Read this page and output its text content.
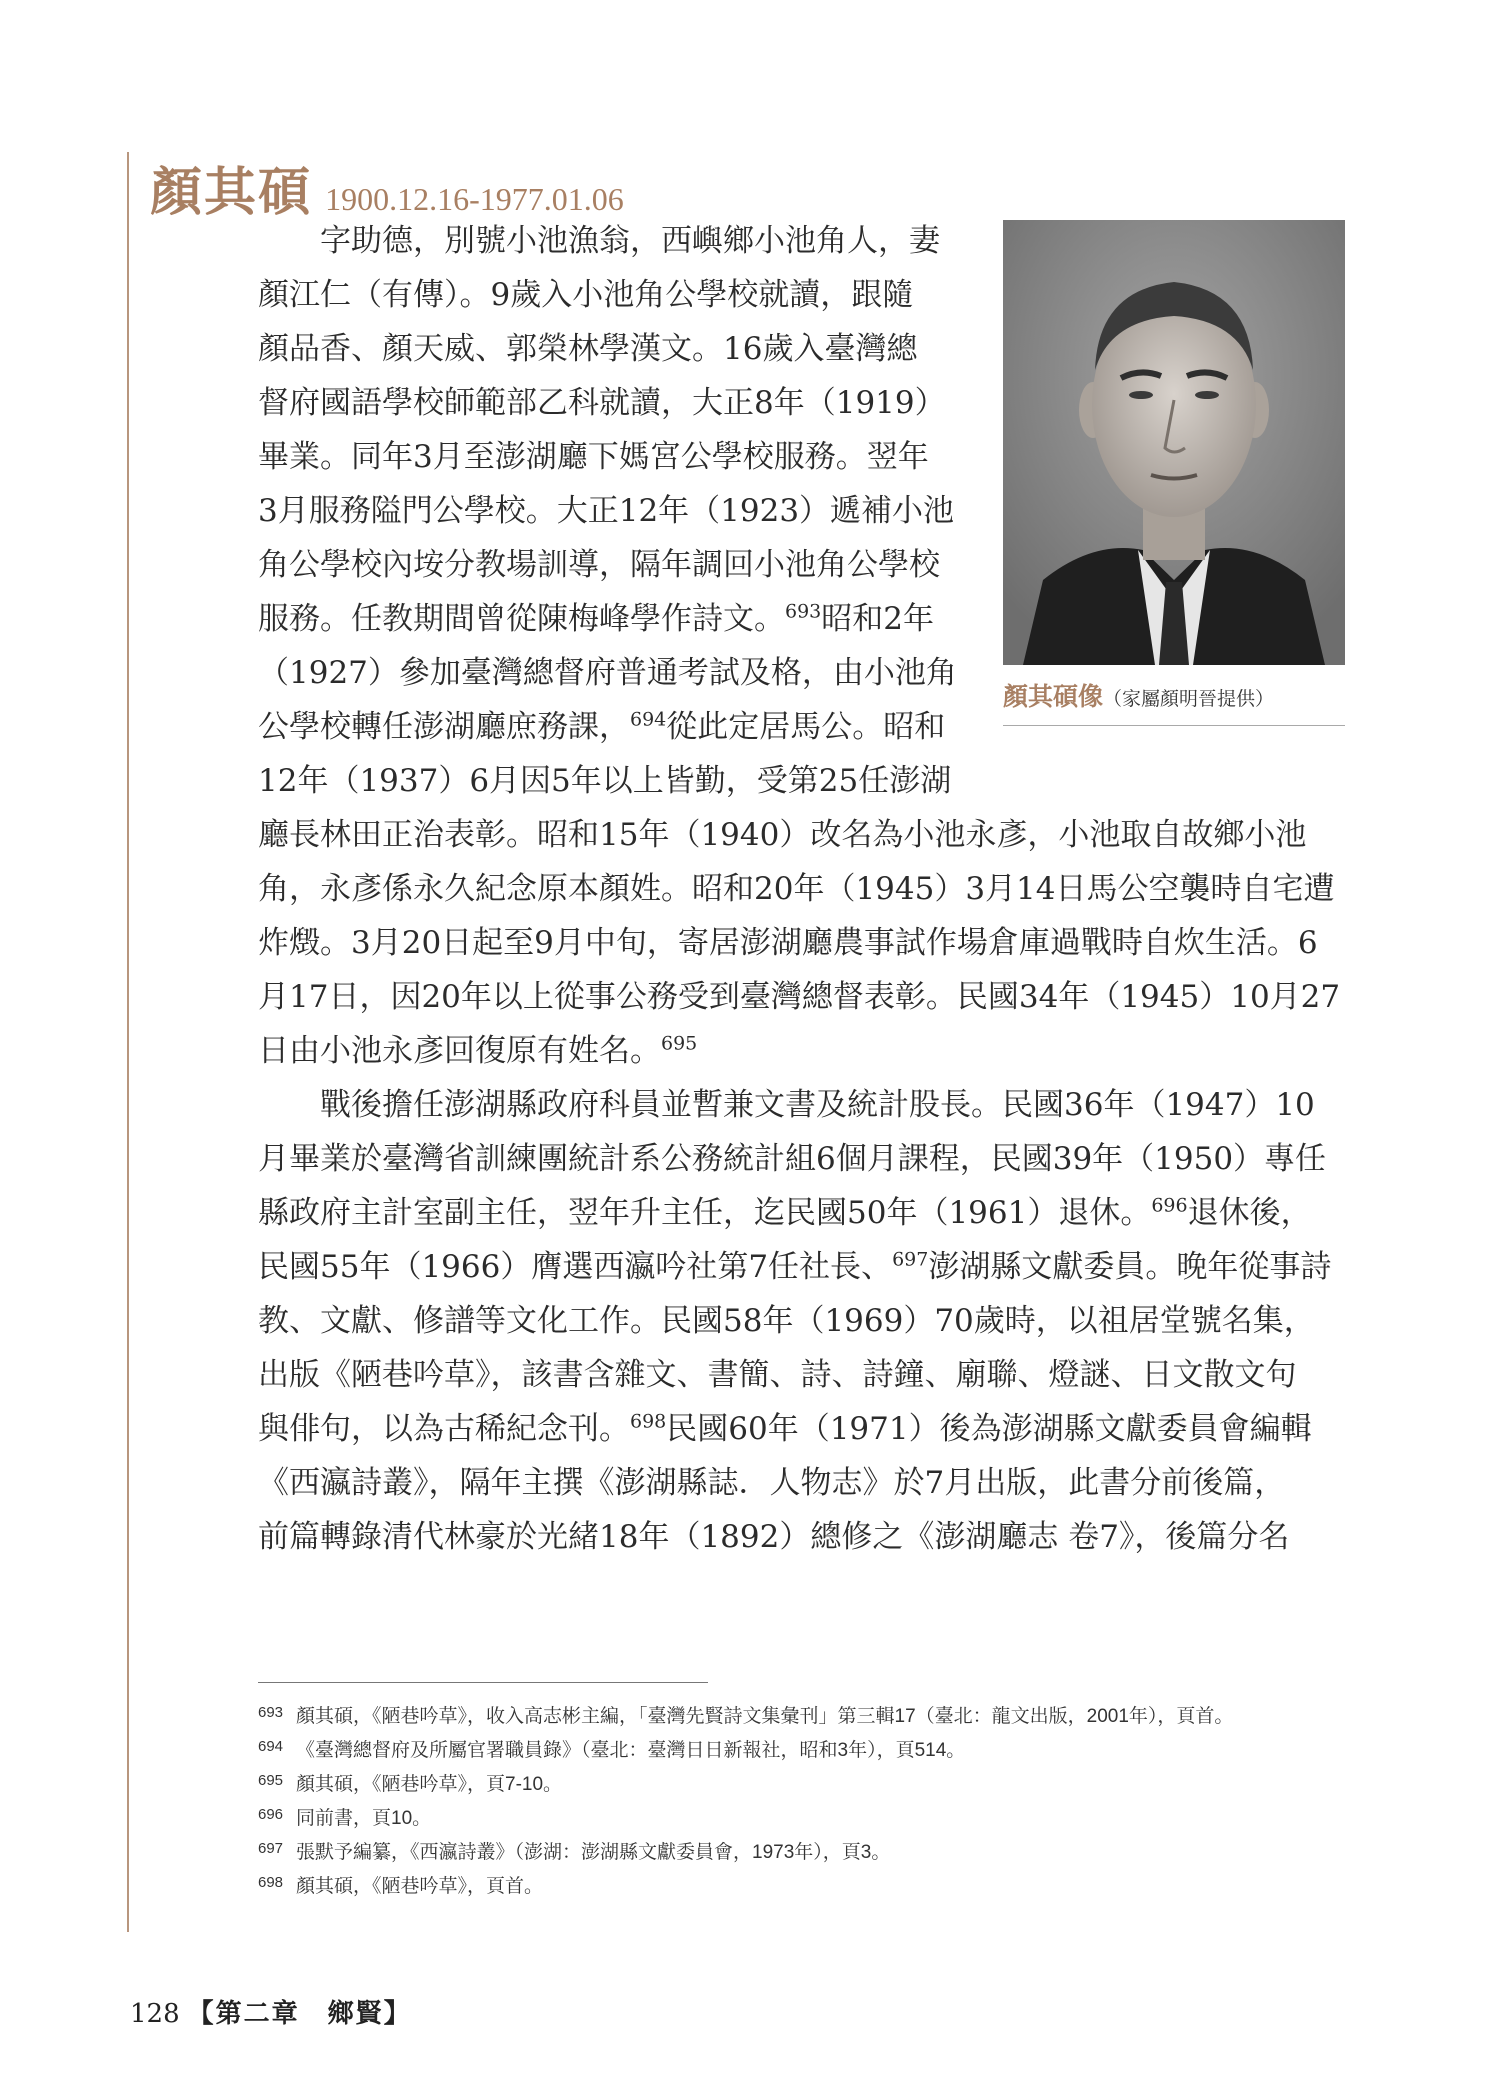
顏其碩 1900.12.16-1977.01.06
字助德，別號小池漁翁，西嶼鄉小池角人，妻
顏江仁（有傳）。9歲入小池角公學校就讀，跟隨
顏品香、顏天威、郭榮林學漢文。16歲入臺灣總
督府國語學校師範部乙科就讀，大正8年（1919）
畢業。同年3月至澎湖廳下媽宮公學校服務。翌年
3月服務隘門公學校。大正12年（1923）遞補小池
角公學校內垵分教場訓導，隔年調回小池角公學校
服務。任教期間曾從陳梅峰學作詩文。$^{693}$昭和2年
（1927）參加臺灣總督府普通考試及格，由小池角
公學校轉任澎湖廳庶務課，$^{694}$從此定居馬公。昭和
12年（1937）6月因5年以上皆勤，受第25任澎湖
廳長林田正治表彰。昭和15年（1940）改名為小池永彥，小池取自故鄉小池
角，永彥係永久紀念原本顏姓。昭和20年（1945）3月14日馬公空襲時自宅遭
炸燬。3月20日起至9月中旬，寄居澎湖廳農事試作場倉庫過戰時自炊生活。6
月17日，因20年以上從事公務受到臺灣總督表彰。民國34年（1945）10月27
日由小池永彥回復原有姓名。$^{695}$
戰後擔任澎湖縣政府科員並暫兼文書及統計股長。民國36年（1947）10
月畢業於臺灣省訓練團統計系公務統計組6個月課程，民國39年（1950）專任
縣政府主計室副主任，翌年升主任，迄民國50年（1961）退休。$^{696}$退休後，
民國55年（1966）膺選西瀛吟社第7任社長、$^{697}$澎湖縣文獻委員。晚年從事詩
教、文獻、修譜等文化工作。民國58年（1969）70歲時，以祖居堂號名集，
出版《陋巷吟草》，該書含雜文、書簡、詩、詩鐘、廟聯、燈謎、日文散文句
與俳句，以為古稀紀念刊。$^{698}$民國60年（1971）後為澎湖縣文獻委員會編輯
《西瀛詩叢》，隔年主撰《澎湖縣誌．人物志》於7月出版，此書分前後篇，
前篇轉錄清代林豪於光緒18年（1892）總修之《澎湖廳志 卷7》，後篇分名
顏其碩像（家屬顏明晉提供）
693 顏其碩，《陋巷吟草》，收入高志彬主編，「臺灣先賢詩文集彙刊」第三輯17（臺北：龍文出版，2001年），頁首。
694 《臺灣總督府及所屬官署職員錄》（臺北：臺灣日日新報社，昭和3年），頁514。
695 顏其碩，《陋巷吟草》，頁7-10。
696 同前書，頁10。
697 張默予編纂，《西瀛詩叢》（澎湖：澎湖縣文獻委員會，1973年），頁3。
698 顏其碩，《陋巷吟草》，頁首。
128 【第二章　鄉賢】
